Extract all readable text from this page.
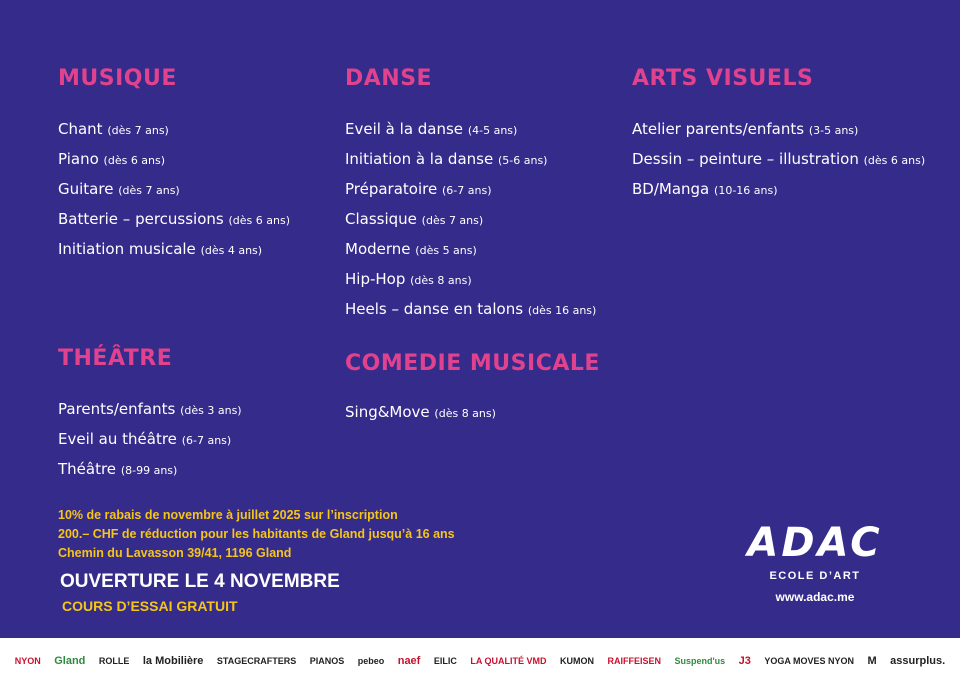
MUSIQUE
Chant (dès 7 ans)
Piano (dès 6 ans)
Guitare (dès 7 ans)
Batterie – percussions (dès 6 ans)
Initiation musicale (dès 4 ans)
DANSE
Eveil à la danse (4-5 ans)
Initiation à la danse (5-6 ans)
Préparatoire (6-7 ans)
Classique (dès 7 ans)
Moderne (dès 5 ans)
Hip-Hop (dès 8 ans)
Heels – danse en talons (dès 16 ans)
ARTS VISUELS
Atelier parents/enfants (3-5 ans)
Dessin – peinture – illustration (dès 6 ans)
BD/Manga (10-16 ans)
THÉÂTRE
Parents/enfants (dès 3 ans)
Eveil au théâtre (6-7 ans)
Théâtre (8-99 ans)
COMEDIE MUSICALE
Sing&Move (dès 8 ans)
10% de rabais de novembre à juillet 2025 sur l’inscription
200.– CHF de réduction pour les habitants de Gland jusqu’à 16 ans
Chemin du Lavasson 39/41, 1196 Gland
OUVERTURE LE 4 NOVEMBRE
COURS D’ESSAI GRATUIT
ADAC
ECOLE D’ART
www.adac.me
NYON Gland ROLLE la Mobilière STAGECRAFTERS PIANOS pebeo naef EILIC LA QUALITÉ VMD KUMON RAIFFEISEN Suspend'us J3 YOGA MOVES NYON M assurplus.
